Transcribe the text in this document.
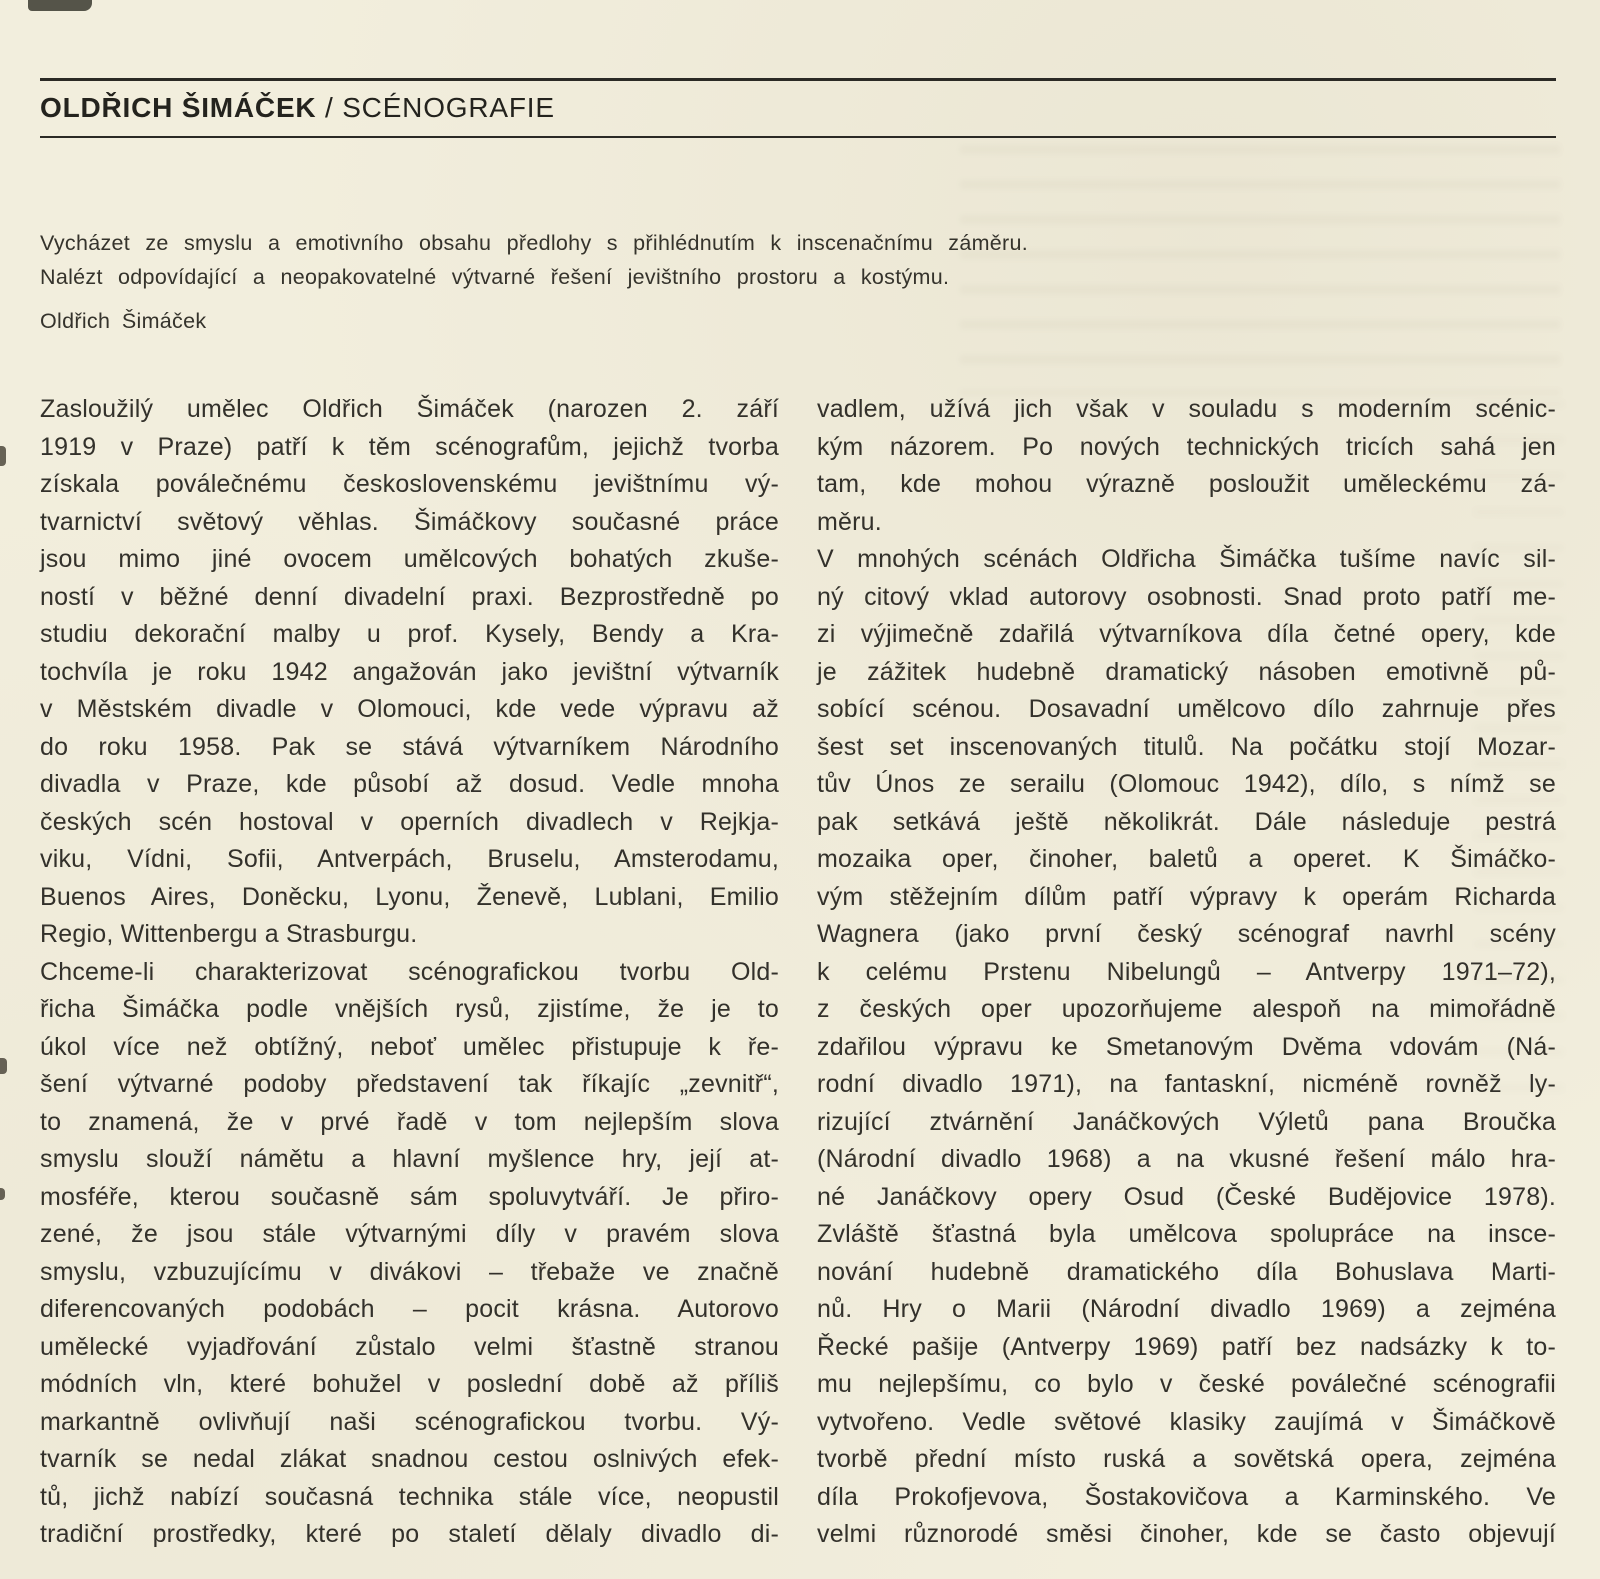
OLDŘICH ŠIMÁČEK / SCÉNOGRAFIE
Vycházet ze smyslu a emotivního obsahu předlohy s přihlédnutím k inscenačnímu záměru.
Nalézt odpovídající a neopakovatelné výtvarné řešení jevištního prostoru a kostýmu.
Oldřich Šimáček
Zasloužilý umělec Oldřich Šimáček (narozen 2. září
1919 v Praze) patří k těm scénografům, jejichž tvorba
získala poválečnému československému jevištnímu vý-
tvarnictví světový věhlas. Šimáčkovy současné práce
jsou mimo jiné ovocem umělcových bohatých zkuše-
ností v běžné denní divadelní praxi. Bezprostředně po
studiu dekorační malby u prof. Kysely, Bendy a Kra-
tochvíla je roku 1942 angažován jako jevištní výtvarník
v Městském divadle v Olomouci, kde vede výpravu až
do roku 1958. Pak se stává výtvarníkem Národního
divadla v Praze, kde působí až dosud. Vedle mnoha
českých scén hostoval v operních divadlech v Rejkja-
viku, Vídni, Sofii, Antverpách, Bruselu, Amsterodamu,
Buenos Aires, Doněcku, Lyonu, Ženevě, Lublani, Emilio
Regio, Wittenbergu a Strasburgu.
Chceme-li charakterizovat scénografickou tvorbu Old-
řicha Šimáčka podle vnějších rysů, zjistíme, že je to
úkol více než obtížný, neboť umělec přistupuje k ře-
šení výtvarné podoby představení tak říkajíc „zevnitř“,
to znamená, že v prvé řadě v tom nejlepším slova
smyslu slouží námětu a hlavní myšlence hry, její at-
mosféře, kterou současně sám spoluvytváří. Je přiro-
zené, že jsou stále výtvarnými díly v pravém slova
smyslu, vzbuzujícímu v divákovi – třebaže ve značně
diferencovaných podobách – pocit krásna. Autorovo
umělecké vyjadřování zůstalo velmi šťastně stranou
módních vln, které bohužel v poslední době až příliš
markantně ovlivňují naši scénografickou tvorbu. Vý-
tvarník se nedal zlákat snadnou cestou oslnivých efek-
tů, jichž nabízí současná technika stále více, neopustil
tradiční prostředky, které po staletí dělaly divadlo di-
vadlem, užívá jich však v souladu s moderním scénic-
kým názorem. Po nových technických tricích sahá jen
tam, kde mohou výrazně posloužit uměleckému zá-
měru.
V mnohých scénách Oldřicha Šimáčka tušíme navíc sil-
ný citový vklad autorovy osobnosti. Snad proto patří me-
zi výjimečně zdařilá výtvarníkova díla četné opery, kde
je zážitek hudebně dramatický násoben emotivně pů-
sobící scénou. Dosavadní umělcovo dílo zahrnuje přes
šest set inscenovaných titulů. Na počátku stojí Mozar-
tův Únos ze serailu (Olomouc 1942), dílo, s nímž se
pak setkává ještě několikrát. Dále následuje pestrá
mozaika oper, činoher, baletů a operet. K Šimáčko-
vým stěžejním dílům patří výpravy k operám Richarda
Wagnera (jako první český scénograf navrhl scény
k celému Prstenu Nibelungů – Antverpy 1971–72),
z českých oper upozorňujeme alespoň na mimořádně
zdařilou výpravu ke Smetanovým Dvěma vdovám (Ná-
rodní divadlo 1971), na fantaskní, nicméně rovněž ly-
rizující ztvárnění Janáčkových Výletů pana Broučka
(Národní divadlo 1968) a na vkusné řešení málo hra-
né Janáčkovy opery Osud (České Budějovice 1978).
Zvláště šťastná byla umělcova spolupráce na insce-
nování hudebně dramatického díla Bohuslava Marti-
nů. Hry o Marii (Národní divadlo 1969) a zejména
Řecké pašije (Antverpy 1969) patří bez nadsázky k to-
mu nejlepšímu, co bylo v české poválečné scénografii
vytvořeno. Vedle světové klasiky zaujímá v Šimáčkově
tvorbě přední místo ruská a sovětská opera, zejména
díla Prokofjevova, Šostakovičova a Karminského. Ve
velmi různorodé směsi činoher, kde se často objevují
